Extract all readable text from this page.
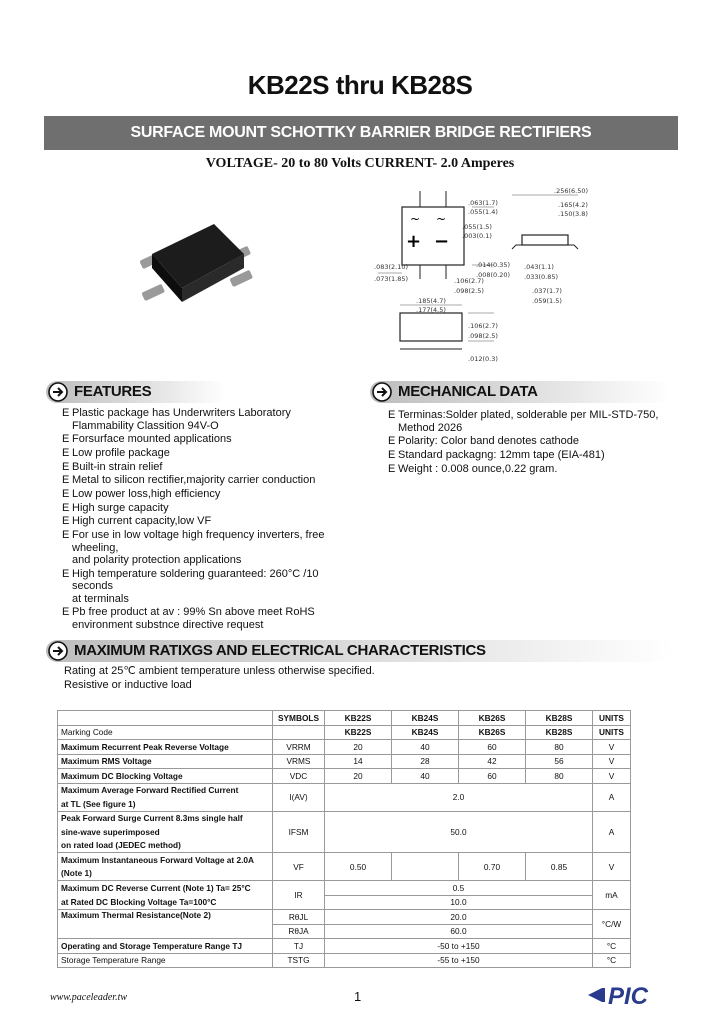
KB22S thru KB28S
SURFACE MOUNT SCHOTTKY BARRIER BRIDGE RECTIFIERS
VOLTAGE- 20 to 80 Volts CURRENT- 2.0 Amperes
~ ~
+ −
.256(6.50)
.063(1.7)
.055(1.4)
.165(4.2)
.150(3.8)
.055(1.5)
.003(0.1)
.083(2.10)
.073(1.85)
.014(0.35)
.008(0.20)
.106(2.7)
.098(2.5)
.043(1.1)
.033(0.85)
.037(1.7)
.059(1.5)
.185(4.7)
.177(4.5)
.106(2.7)
.098(2.5)
.012(0.3)
FEATURES
E Plastic package has Underwriters Laboratory
Flammability Classition 94V-O
E Forsurface mounted applications
E Low profile package
E Built-in strain relief
E Metal to silicon rectifier,majority carrier conduction
E Low power loss,high efficiency
E High surge capacity
E High current capacity,low VF
E For use in low voltage high frequency inverters, free wheeling,
and polarity protection applications
E High temperature soldering guaranteed: 260°C /10 seconds
at terminals
E Pb free product at av : 99% Sn above meet RoHS
environment substnce directive request
MECHANICAL DATA
E Terminas:Solder plated, solderable per MIL-STD-750,
Method 2026
E Polarity: Color band denotes cathode
E Standard packagng: 12mm tape (EIA-481)
E Weight : 0.008 ounce,0.22 gram.
MAXIMUM RATIXGS AND ELECTRICAL CHARACTERISTICS
Rating at 25℃ ambient temperature unless otherwise specified.
Resistive or inductive load
	SYMBOLS	KB22S	KB24S	KB26S	KB28S	UNITS
Marking Code		KB22S	KB24S	KB26S	KB28S	UNITS
Maximum Recurrent Peak Reverse Voltage	VRRM	20	40	60	80	V
Maximum RMS Voltage	VRMS	14	28	42	56	V
Maximum DC Blocking Voltage	VDC	20	40	60	80	V
Maximum Average Forward Rectified Current	I(AV)	2.0				A
at TL (See figure 1)						
Peak Forward Surge Current 8.3ms single half	IFSM	50.0				A
sine-wave superimposed						
on rated load (JEDEC method)						
Maximum Instantaneous Forward Voltage at 2.0A	VF	0.50		0.70	0.85	V
(Note 1)						
Maximum DC Reverse Current (Note 1) Ta= 25°C	IR	0.5				mA
at Rated DC Blocking Voltage Ta=100°C		10.0				
Maximum Thermal Resistance(Note 2)	RθJL	20.0				°C/W
	RθJA	60.0				
Operating and Storage Temperature Range TJ	TJ	-50 to +150				°C
Storage Temperature Range	TSTG	-55 to +150				°C
www.paceleader.tw	1	PIC
